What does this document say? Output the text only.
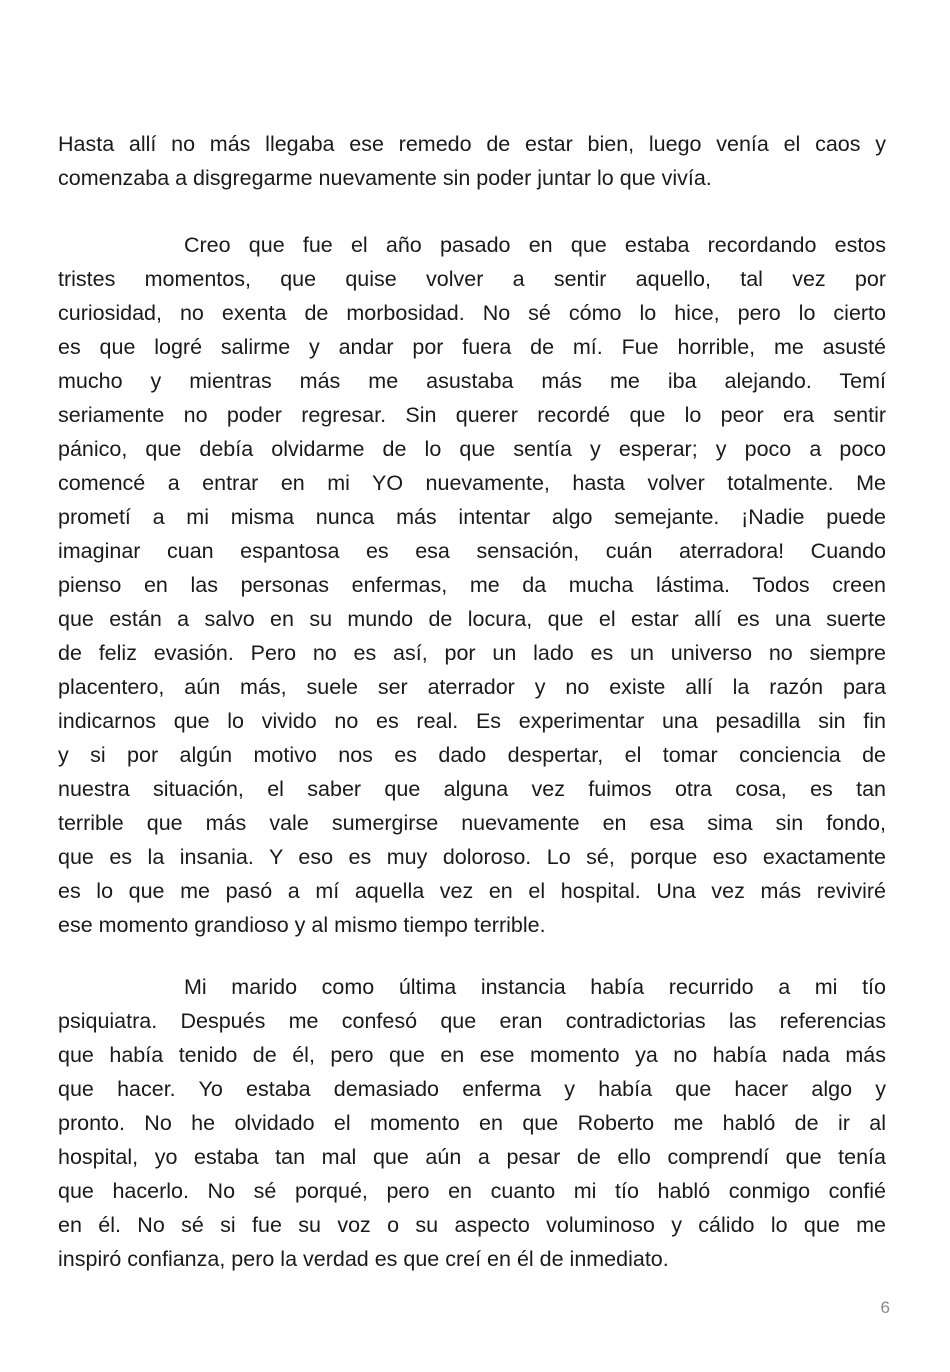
Hasta allí no más llegaba ese remedo de estar bien, luego venía el caos y
comenzaba a disgregarme nuevamente sin poder juntar lo que vivía.
Creo que fue el año pasado en que estaba recordando estos
tristes momentos, que quise volver a sentir aquello, tal vez por
curiosidad, no exenta de morbosidad. No sé cómo lo hice, pero lo cierto
es que logré salirme y andar por fuera de mí. Fue horrible, me asusté
mucho y mientras más me asustaba más me iba alejando. Temí
seriamente no poder regresar. Sin querer recordé que lo peor era sentir
pánico, que debía olvidarme de lo que sentía y esperar; y poco a poco
comencé a entrar en mi YO nuevamente, hasta volver totalmente. Me
prometí a mi misma nunca más intentar algo semejante. ¡Nadie puede
imaginar cuan espantosa es esa sensación, cuán aterradora! Cuando
pienso en las personas enfermas, me da mucha lástima. Todos creen
que están a salvo en su mundo de locura, que el estar allí es una suerte
de feliz evasión. Pero no es así, por un lado es un universo no siempre
placentero, aún más, suele ser aterrador y no existe allí la razón para
indicarnos que lo vivido no es real. Es experimentar una pesadilla sin fin
y si por algún motivo nos es dado despertar, el tomar conciencia de
nuestra situación, el saber que alguna vez fuimos otra cosa, es tan
terrible que más vale sumergirse nuevamente en esa sima sin fondo,
que es la insania. Y eso es muy doloroso. Lo sé, porque eso exactamente
es lo que me pasó a mí aquella vez en el hospital. Una vez más reviviré
ese momento grandioso y al mismo tiempo terrible.
Mi marido como última instancia había recurrido a mi tío
psiquiatra. Después me confesó que eran contradictorias las referencias
que había tenido de él, pero que en ese momento ya no había nada más
que hacer. Yo estaba demasiado enferma y había que hacer algo y
pronto. No he olvidado el momento en que Roberto me habló de ir al
hospital, yo estaba tan mal que aún a pesar de ello comprendí que tenía
que hacerlo. No sé porqué, pero en cuanto mi tío habló conmigo confié
en él. No sé si fue su voz o su aspecto voluminoso y cálido lo que me
inspiró confianza, pero la verdad es que creí en él de inmediato.
6
